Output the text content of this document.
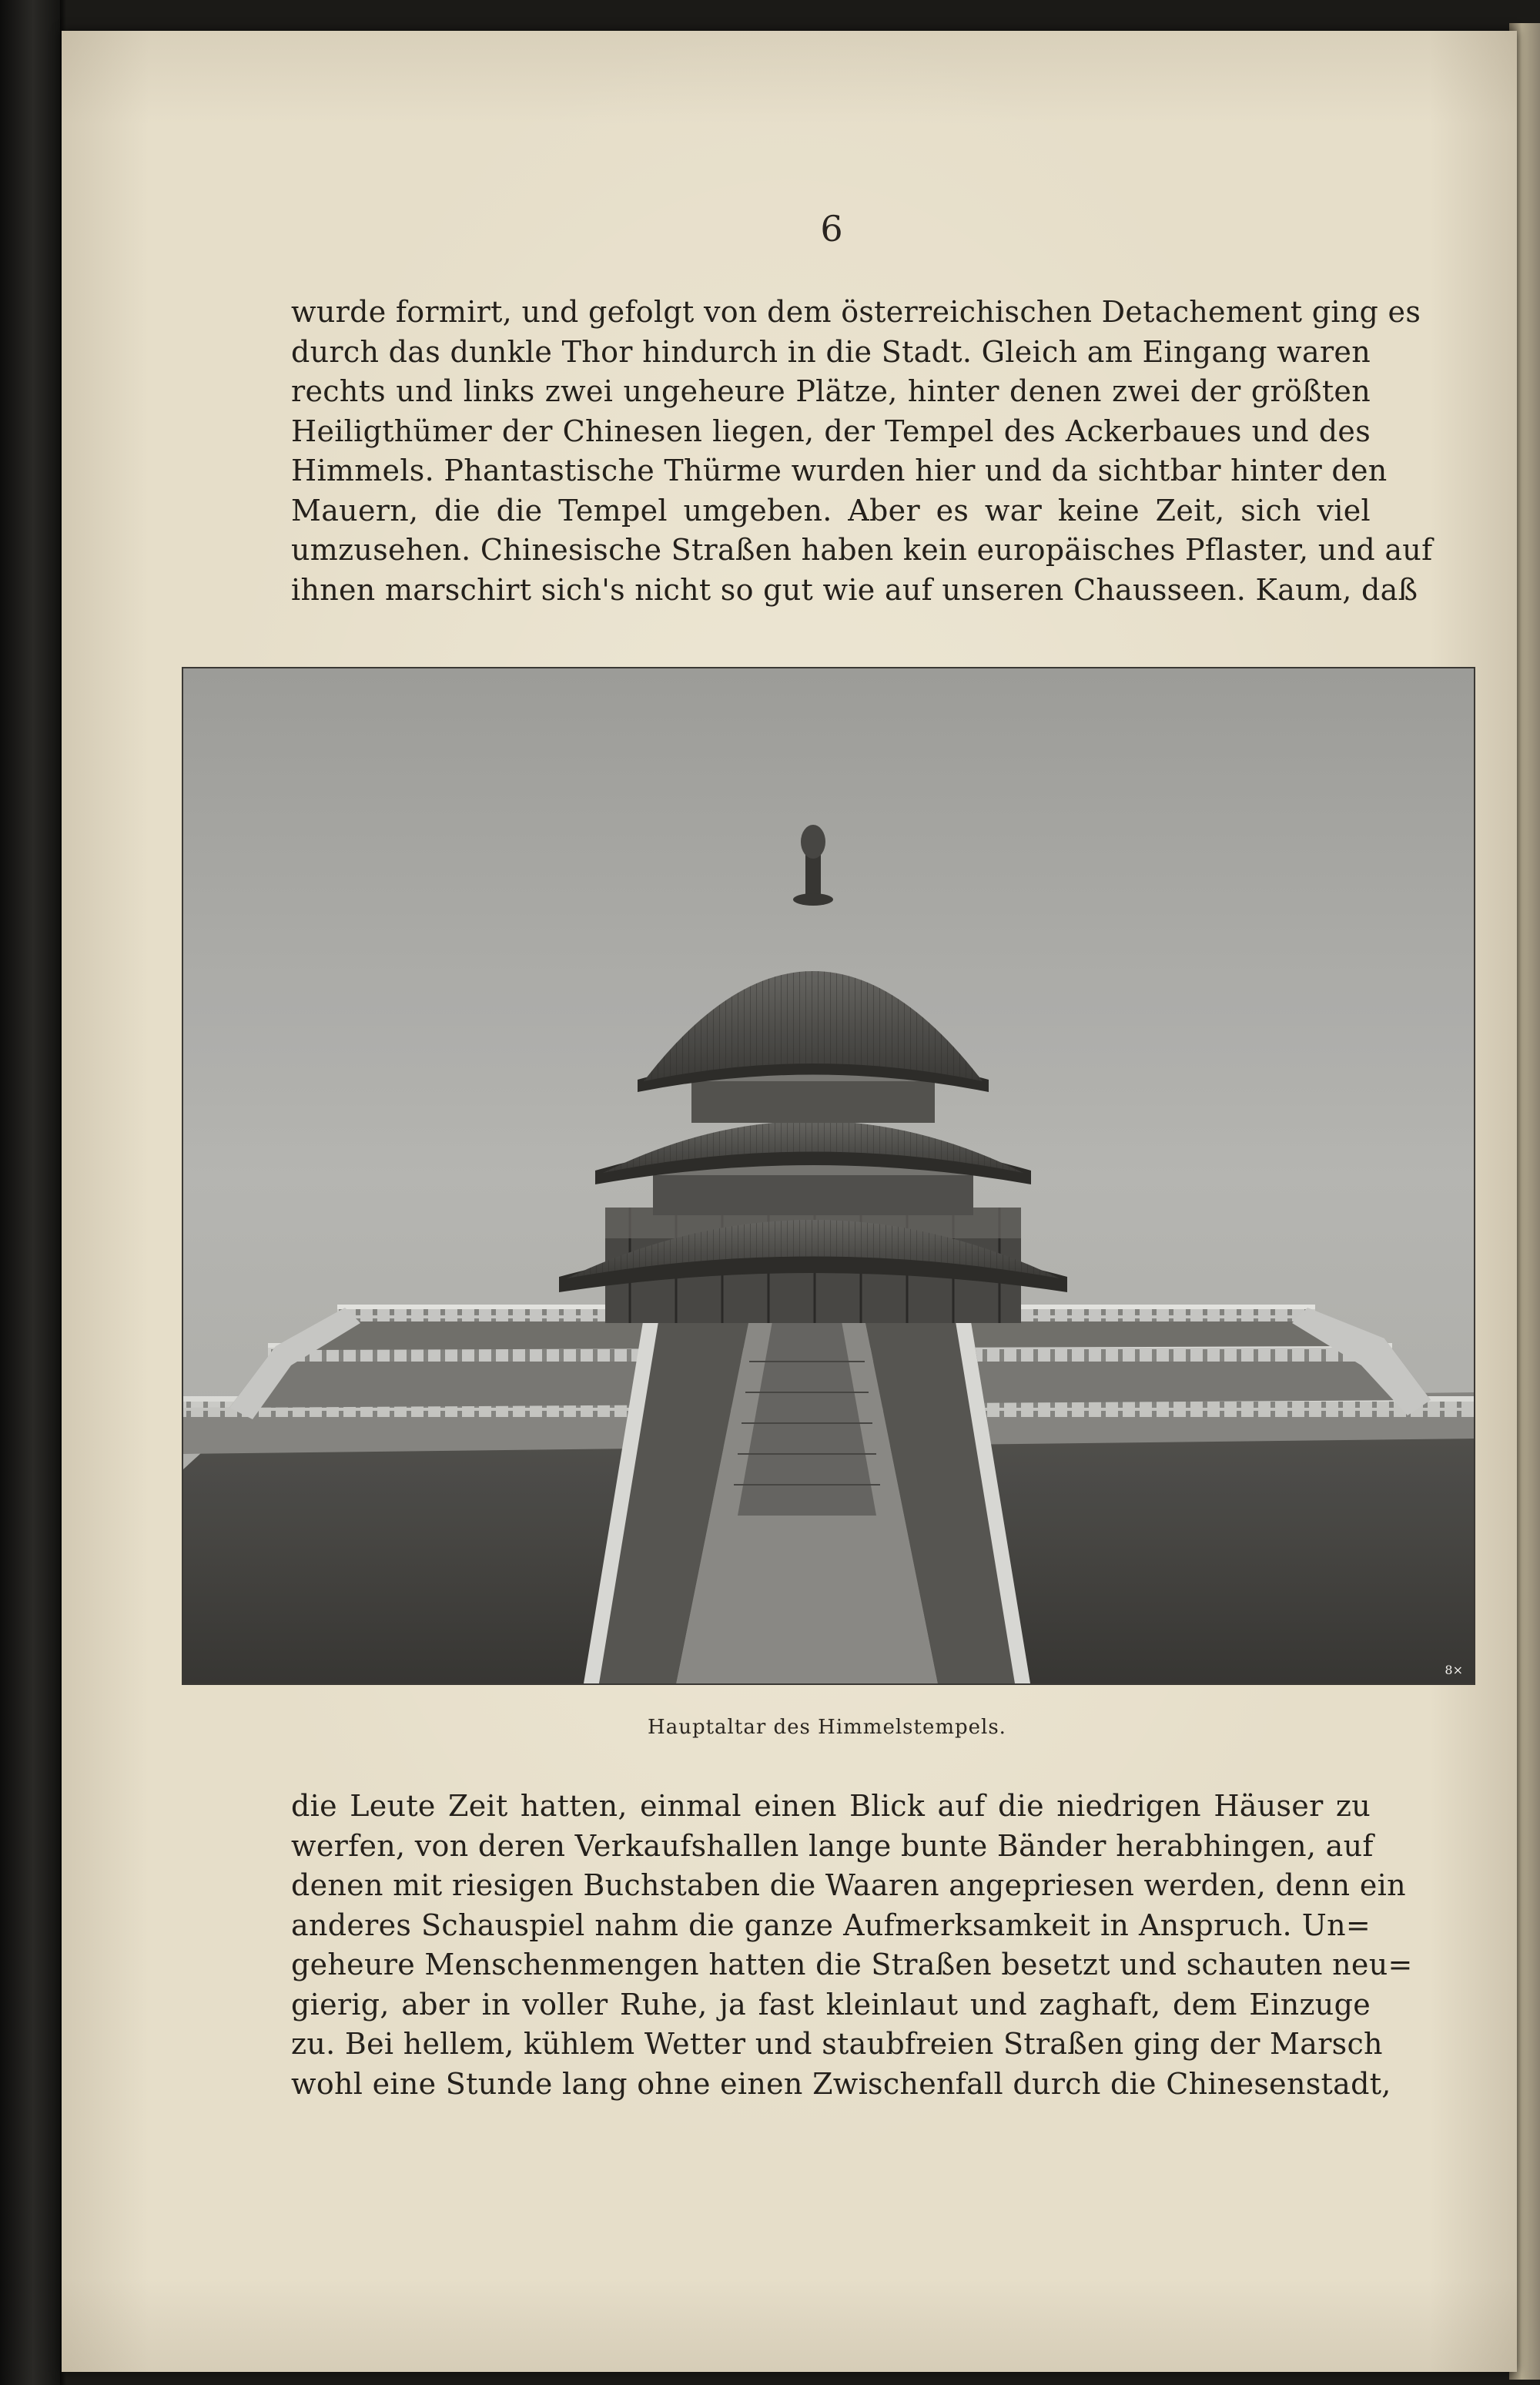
6
wurde formirt, und gefolgt von dem österreichischen Detachement ging es
durch das dunkle Thor hindurch in die Stadt. Gleich am Eingang waren
rechts und links zwei ungeheure Plätze, hinter denen zwei der größten
Heiligthümer der Chinesen liegen, der Tempel des Ackerbaues und des
Himmels. Phantastische Thürme wurden hier und da sichtbar hinter den
Mauern, die die Tempel umgeben. Aber es war keine Zeit, sich viel
umzusehen. Chinesische Straßen haben kein europäisches Pflaster, und auf
ihnen marschirt sich's nicht so gut wie auf unseren Chausseen. Kaum, daß
8×
Hauptaltar des Himmelstempels.
die Leute Zeit hatten, einmal einen Blick auf die niedrigen Häuser zu
werfen, von deren Verkaufshallen lange bunte Bänder herabhingen, auf
denen mit riesigen Buchstaben die Waaren angepriesen werden, denn ein
anderes Schauspiel nahm die ganze Aufmerksamkeit in Anspruch. Un=
geheure Menschenmengen hatten die Straßen besetzt und schauten neu=
gierig, aber in voller Ruhe, ja fast kleinlaut und zaghaft, dem Einzuge
zu. Bei hellem, kühlem Wetter und staubfreien Straßen ging der Marsch
wohl eine Stunde lang ohne einen Zwischenfall durch die Chinesenstadt,
